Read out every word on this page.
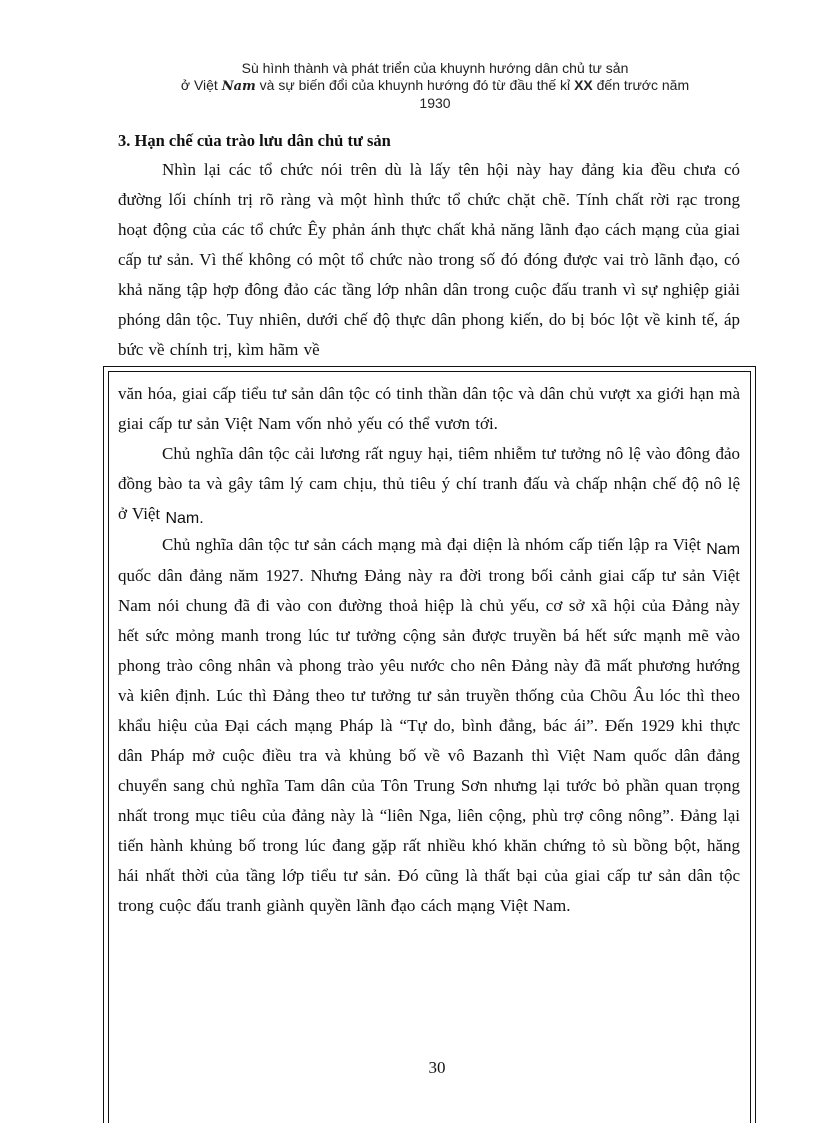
Sù hình thành và phát triển của khuynh hướng dân chủ tư sản
ở Việt Nam và sự biến đổi của khuynh hướng đó từ đầu thế kỉ XX đến trước năm
1930
3. Hạn chế của trào lưu dân chủ tư sản

Nhìn lại các tổ chức nói trên dù là lấy tên hội này hay đảng kia đều chưa có đường lối chính trị rõ ràng và một hình thức tổ chức chặt chẽ. Tính chất rời rạc trong hoạt động của các tổ chức Êy phản ánh thực chất khả năng lãnh đạo cách mạng của giai cấp tư sản. Vì thế không có một tổ chức nào trong số đó đóng được vai trò lãnh đạo, có khả năng tập hợp đông đảo các tầng lớp nhân dân trong cuộc đấu tranh vì sự nghiệp giải phóng dân tộc. Tuy nhiên, dưới chế độ thực dân phong kiến, do bị bóc lột về kinh tế, áp bức về chính trị, kìm hãm về

văn hóa, giai cấp tiểu tư sản dân tộc có tinh thần dân tộc và dân chủ vượt xa giới hạn mà giai cấp tư sản Việt Nam vốn nhỏ yếu có thể vươn tới.

Chủ nghĩa dân tộc cải lương rất nguy hại, tiêm nhiễm tư tưởng nô lệ vào đông đảo đồng bào ta và gây tâm lý cam chịu, thủ tiêu ý chí tranh đấu và chấp nhận chế độ nô lệ ở Việt Nam.

Chủ nghĩa dân tộc tư sản cách mạng mà đại diện là nhóm cấp tiến lập ra Việt Nam quốc dân đảng năm 1927. Nhưng Đảng này ra đời trong bối cảnh giai cấp tư sản Việt Nam nói chung đã đi vào con đường thoả hiệp là chủ yếu, cơ sở xã hội của Đảng này hết sức mỏng manh trong lúc tư tưởng cộng sản được truyền bá hết sức mạnh mẽ vào phong trào công nhân và phong trào yêu nước cho nên Đảng này đã mất phương hướng và kiên định. Lúc thì Đảng theo tư tưởng tư sản truyền thống của Chõu Âu lóc thì theo khẩu hiệu của Đại cách mạng Pháp là “Tự do, bình đẳng, bác ái”. Đến 1929 khi thực dân Pháp mở cuộc điều tra và khủng bố về vô Bazanh thì Việt Nam quốc dân đảng chuyển sang chủ nghĩa Tam dân của Tôn Trung Sơn nhưng lại tước bỏ phần quan trọng nhất trong mục tiêu của đảng này là “liên Nga, liên cộng, phù trợ công nông”. Đảng lại tiến hành khủng bố trong lúc đang gặp rất nhiều khó khăn chứng tỏ sù bồng bột, hăng hái nhất thời của tầng lớp tiểu tư sản. Đó cũng là thất bại của giai cấp tư sản dân tộc trong cuộc đấu tranh giành quyền lãnh đạo cách mạng Việt Nam.

30
